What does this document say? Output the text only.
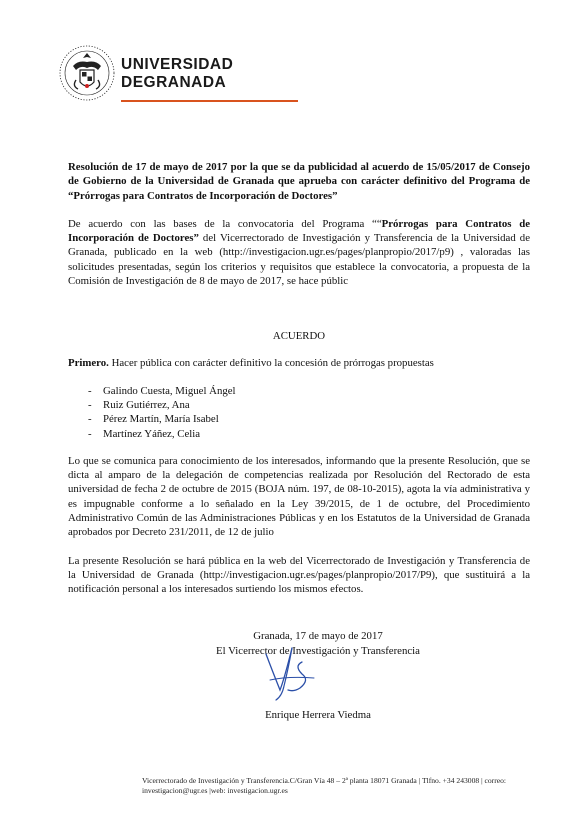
UNIVERSIDAD
DEGRANADA

Resolución de 17 de mayo de 2017 por la que se da publicidad al acuerdo de 15/05/2017 de Consejo de Gobierno de la Universidad de Granada que aprueba con carácter definitivo del Programa de “Prórrogas para Contratos de Incorporación de Doctores”

De acuerdo con las bases de la convocatoria del Programa ““Prórrogas para Contratos de Incorporación de Doctores” del Vicerrectorado de Investigación y Transferencia de la Universidad de Granada, publicado en la web (http://investigacion.ugr.es/pages/planpropio/2017/p9) , valoradas las solicitudes presentadas, según los criterios y requisitos que establece la convocatoria, a propuesta de la Comisión de Investigación de 8 de mayo de 2017, se hace públic

ACUERDO

Primero. Hacer pública con carácter definitivo la concesión de prórrogas propuestas

- Galindo Cuesta, Miguel Ángel
- Ruiz Gutiérrez, Ana
- Pérez Martín, María Isabel
- Martínez Yáñez, Celia

Lo que se comunica para conocimiento de los interesados, informando que la presente Resolución, que se dicta al amparo de la delegación de competencias realizada por Resolución del Rectorado de esta universidad de fecha 2 de octubre de 2015 (BOJA núm. 197, de 08-10-2015), agota la vía administrativa y es impugnable conforme a lo señalado en la Ley 39/2015, de 1 de octubre, del Procedimiento Administrativo Común de las Administraciones Públicas y en los Estatutos de la Universidad de Granada aprobados por Decreto 231/2011, de 12 de julio

La presente Resolución se hará pública en la web del Vicerrectorado de Investigación y Transferencia de la Universidad de Granada (http://investigacion.ugr.es/pages/planpropio/2017/P9), que sustituirá a la notificación personal a los interesados surtiendo los mismos efectos.

Granada, 17 de mayo de 2017

El Vicerrector de Investigación y Transferencia

Enrique Herrera Viedma
Vicerrectorado de Investigación y Transferencia.C/Gran Vía 48 – 2ª planta 18071 Granada | Tlfno. +34 243008 | correo:
investigacion@ugr.es |web: investigacion.ugr.es
